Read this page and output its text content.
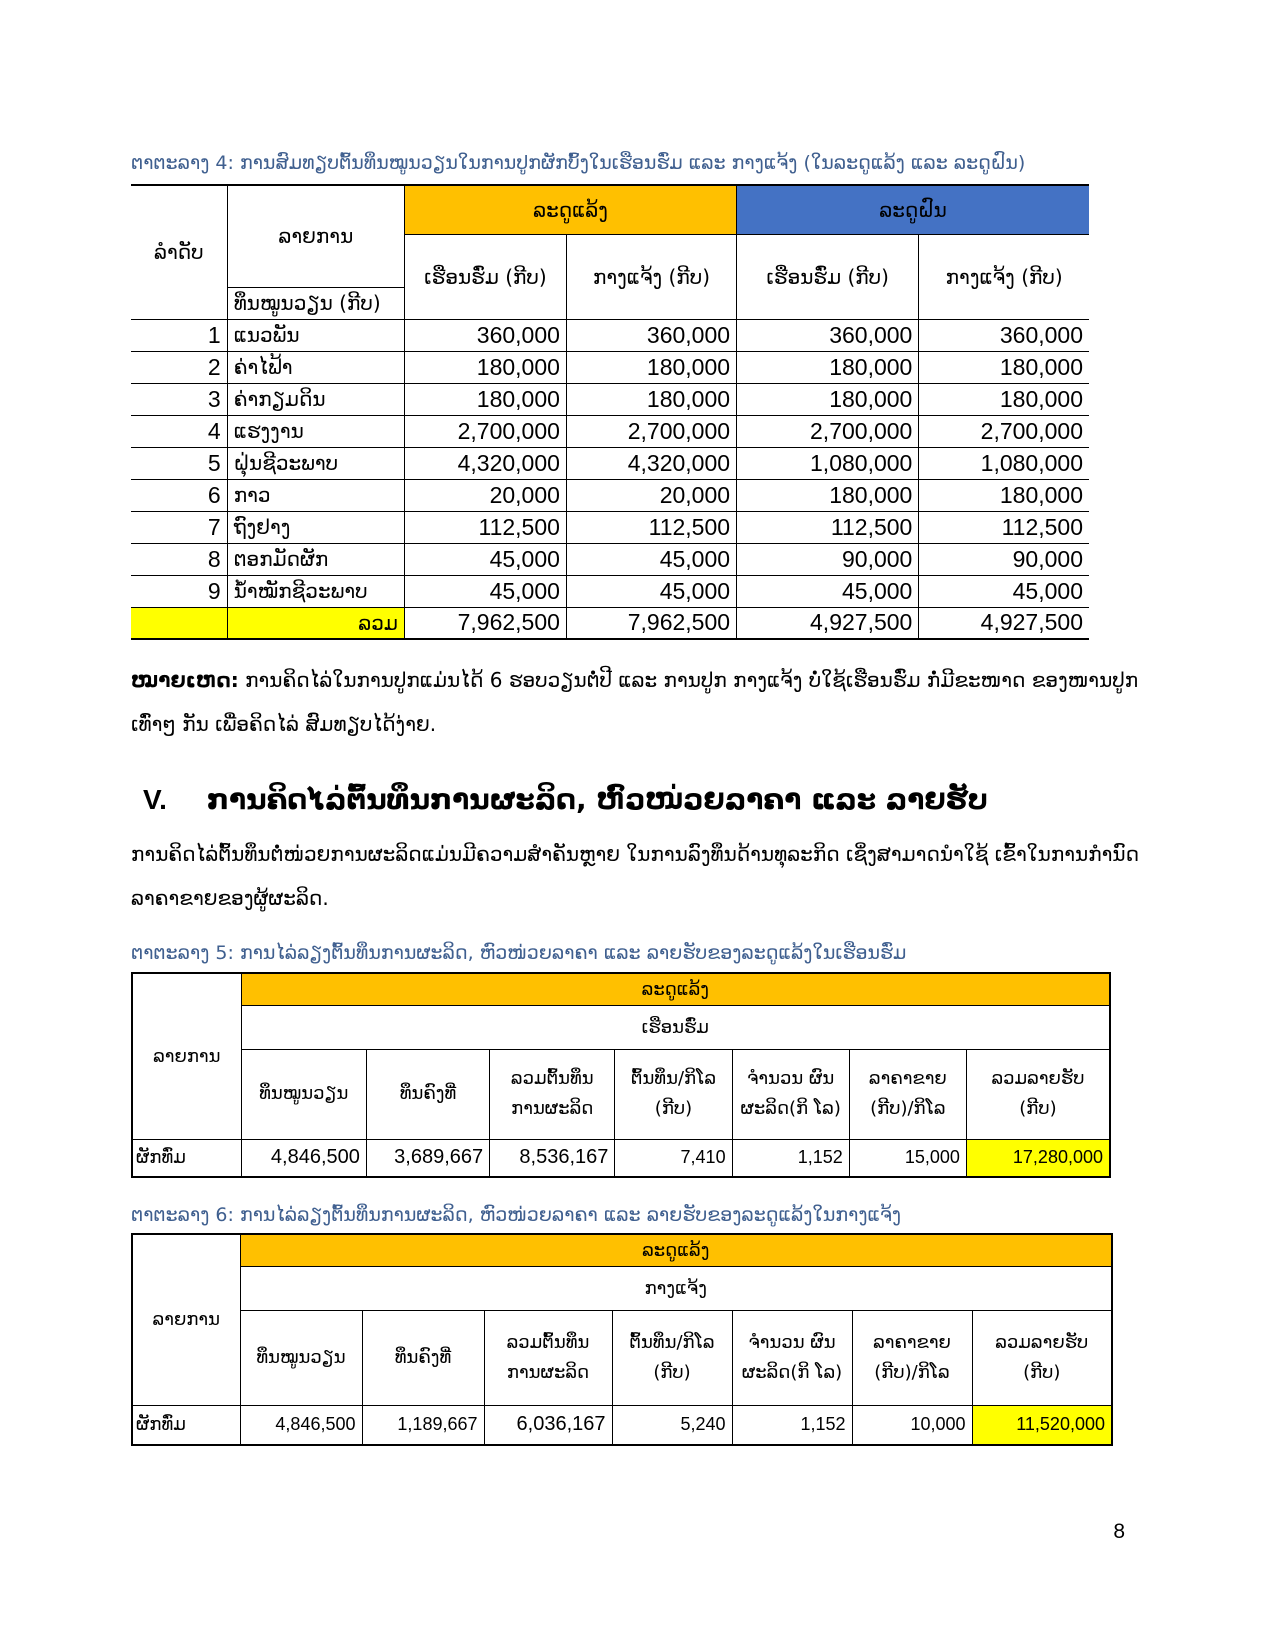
ຕາຕະລາງ 4: ການສົມທຽບຕົ້ນທຶນໝູນວຽນໃນການປູກຜັກບົ້ງໃນເຮືອນຮົ່ມ ແລະ ກາງແຈ້ງ (ໃນລະດູແລ້ງ ແລະ ລະດູຝົນ)
ລຳດັບ	ລາຍການ	ລະດູແລ້ງ		ລະດູຝົນ	
		ເຮືອນຮົ່ມ (ກີບ)	ກາງແຈ້ງ (ກີບ)	ເຮືອນຮົ່ມ (ກີບ)	ກາງແຈ້ງ (ກີບ)
	ທຶນໝູນວຽນ (ກີບ)				
1	ແນວພັນ	360,000	360,000	360,000	360,000
2	ຄ່າໄຟ້າ	180,000	180,000	180,000	180,000
3	ຄ່າກຽມດິນ	180,000	180,000	180,000	180,000
4	ແຮງງານ	2,700,000	2,700,000	2,700,000	2,700,000
5	ຝຸ່ນຊີວະພາບ	4,320,000	4,320,000	1,080,000	1,080,000
6	ກາວ	20,000	20,000	180,000	180,000
7	ຖົງຢາງ	112,500	112,500	112,500	112,500
8	ຕອກມັດຜັກ	45,000	45,000	90,000	90,000
9	ນ້ຳໝັກຊີວະພາບ	45,000	45,000	45,000	45,000
	ລວມ	7,962,500	7,962,500	4,927,500	4,927,500
ໝາຍເຫດ: ການຄິດໄລ່ໃນການປູກແມ່ນໄດ້ 6 ຮອບວຽນຕໍ່ປີ ແລະ ການປູກ ກາງແຈ້ງ ບໍ່ໃຊ້ເຮືອນຮົ່ມ ກໍ່ມີຂະໜາດ ຂອງໜານປູກ ເທົ່າໆ ກັນ ເພື່ອຄິດໄລ່ ສົມທຽບໄດ້ງ່າຍ.
V. ການຄິດໄລ່ຕົ້ນທຶນການຜະລິດ, ຫົວໜ່ວຍລາຄາ ແລະ ລາຍຮັບ
ການຄິດໄລ່ຕົ້ນທຶນຕໍ່ໜ່ວຍການຜະລິດແມ່ນມີຄວາມສຳຄັນຫຼາຍ ໃນການລົງທຶນດ້ານທຸລະກິດ ເຊິ່ງສາມາດນຳໃຊ້ ເຂົ້າໃນການກຳນົດລາຄາຂາຍຂອງຜູ້ຜະລິດ.
ຕາຕະລາງ 5: ການໄລ່ລຽງຕົ້ນທຶນການຜະລິດ, ຫົວໜ່ວຍລາຄາ ແລະ ລາຍຮັບຂອງລະດູແລ້ງໃນເຮືອນຮົ່ມ
ລາຍການ	ລະດູແລ້ງ						
	ເຮືອນຮົ່ມ						
	ທຶນໝູນວຽນ	ທຶນຄົງທີ່	ລວມຕົ້ນທຶນ ການຜະລິດ	ຕົ້ນທຶນ/ກິໂລ (ກີບ)	ຈຳນວນ ຜົນຜະລິດ(ກິ ໂລ)	ລາຄາຂາຍ (ກີບ)/ກິໂລ	ລວມລາຍຮັບ (ກີບ)
ຜັກທົ່ມ	4,846,500	3,689,667	8,536,167	7,410	1,152	15,000	17,280,000
ຕາຕະລາງ 6: ການໄລ່ລຽງຕົ້ນທຶນການຜະລິດ, ຫົວໜ່ວຍລາຄາ ແລະ ລາຍຮັບຂອງລະດູແລ້ງໃນກາງແຈ້ງ
ລາຍການ	ລະດູແລ້ງ						
	ກາງແຈ້ງ						
	ທຶນໝູນວຽນ	ທຶນຄົງທີ່	ລວມຕົ້ນທຶນ ການຜະລິດ	ຕົ້ນທຶນ/ກິໂລ (ກີບ)	ຈຳນວນ ຜົນຜະລິດ(ກິ ໂລ)	ລາຄາຂາຍ (ກີບ)/ກິໂລ	ລວມລາຍຮັບ (ກີບ)
ຜັກທົ່ມ	4,846,500	1,189,667	6,036,167	5,240	1,152	10,000	11,520,000
8
